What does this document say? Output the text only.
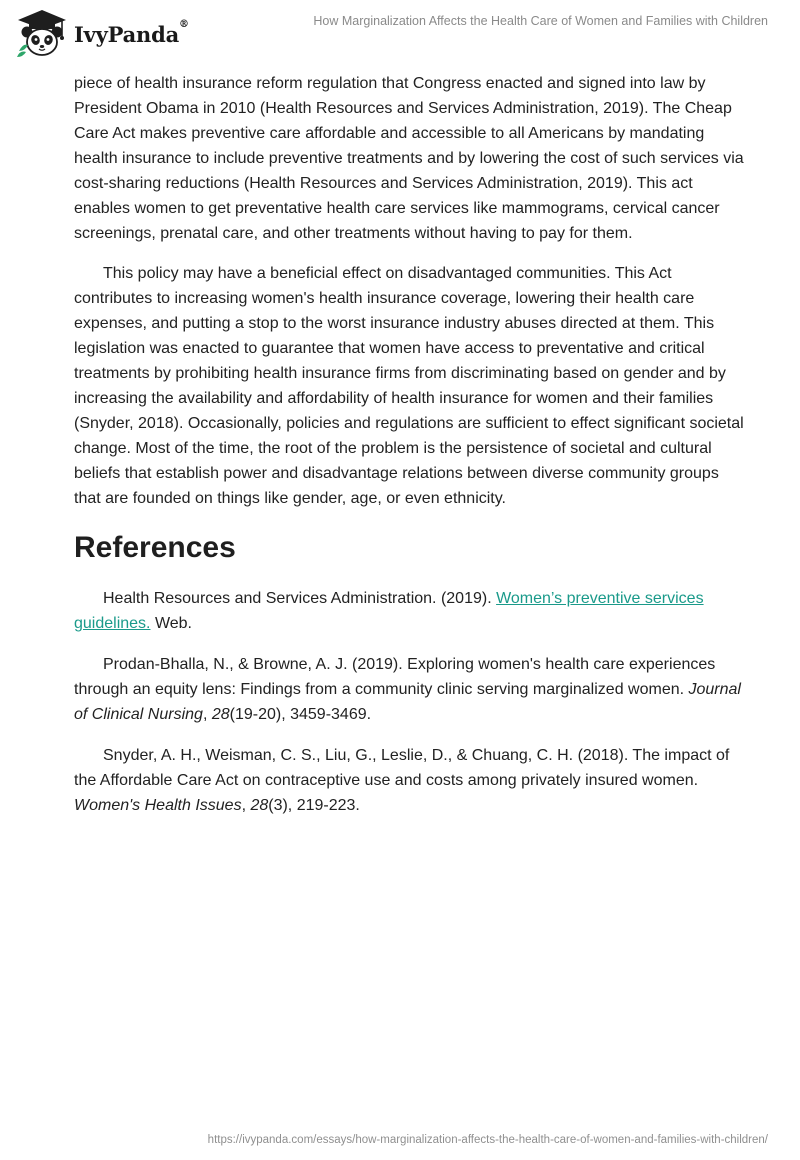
IvyPanda®	How Marginalization Affects the Health Care of Women and Families with Children

piece of health insurance reform regulation that Congress enacted and signed into law by President Obama in 2010 (Health Resources and Services Administration, 2019). The Cheap Care Act makes preventive care affordable and accessible to all Americans by mandating health insurance to include preventive treatments and by lowering the cost of such services via cost-sharing reductions (Health Resources and Services Administration, 2019). This act enables women to get preventative health care services like mammograms, cervical cancer screenings, prenatal care, and other treatments without having to pay for them.

This policy may have a beneficial effect on disadvantaged communities. This Act contributes to increasing women's health insurance coverage, lowering their health care expenses, and putting a stop to the worst insurance industry abuses directed at them. This legislation was enacted to guarantee that women have access to preventative and critical treatments by prohibiting health insurance firms from discriminating based on gender and by increasing the availability and affordability of health insurance for women and their families (Snyder, 2018). Occasionally, policies and regulations are sufficient to effect significant societal change. Most of the time, the root of the problem is the persistence of societal and cultural beliefs that establish power and disadvantage relations between diverse community groups that are founded on things like gender, age, or even ethnicity.

References

Health Resources and Services Administration. (2019). Women’s preventive services guidelines. Web.

Prodan-Bhalla, N., & Browne, A. J. (2019). Exploring women's health care experiences through an equity lens: Findings from a community clinic serving marginalized women. Journal of Clinical Nursing, 28(19-20), 3459-3469.

Snyder, A. H., Weisman, C. S., Liu, G., Leslie, D., & Chuang, C. H. (2018). The impact of the Affordable Care Act on contraceptive use and costs among privately insured women. Women's Health Issues, 28(3), 219-223.

https://ivypanda.com/essays/how-marginalization-affects-the-health-care-of-women-and-families-with-children/
